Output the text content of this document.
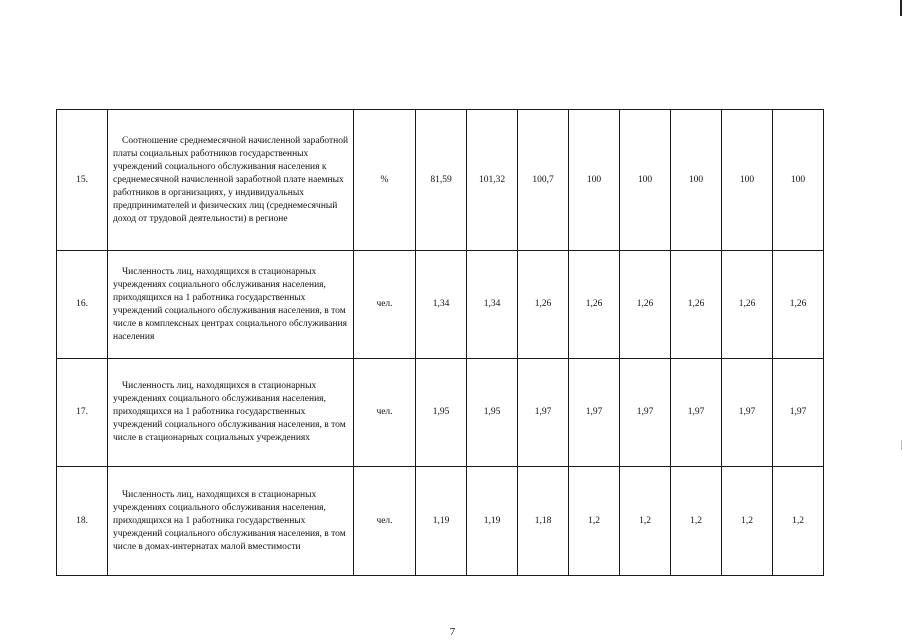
15.	Соотношение среднемесячной начисленной заработной платы социальных работников государственных учреждений социального обслуживания населения к среднемесячной начисленной заработной плате наемных работников в организациях, у индивидуальных предпринимателей и физических лиц (среднемесячный доход от трудовой деятельности) в регионе	%	81,59	101,32	100,7	100	100	100	100	100
16.	Численность лиц, находящихся в стационарных учреждениях социального обслуживания населения, приходящихся на 1 работника государственных учреждений социального обслуживания населения, в том числе в комплексных центрах социального обслуживания населения	чел.	1,34	1,34	1,26	1,26	1,26	1,26	1,26	1,26
17.	Численность лиц, находящихся в стационарных учреждениях социального обслуживания населения, приходящихся на 1 работника государственных учреждений социального обслуживания населения, в том числе в стационарных социальных учреждениях	чел.	1,95	1,95	1,97	1,97	1,97	1,97	1,97	1,97
18.	Численность лиц, находящихся в стационарных учреждениях социального обслуживания населения, приходящихся на 1 работника государственных учреждений социального обслуживания населения, в том числе в домах-интернатах малой вместимости	чел.	1,19	1,19	1,18	1,2	1,2	1,2	1,2	1,2
7
